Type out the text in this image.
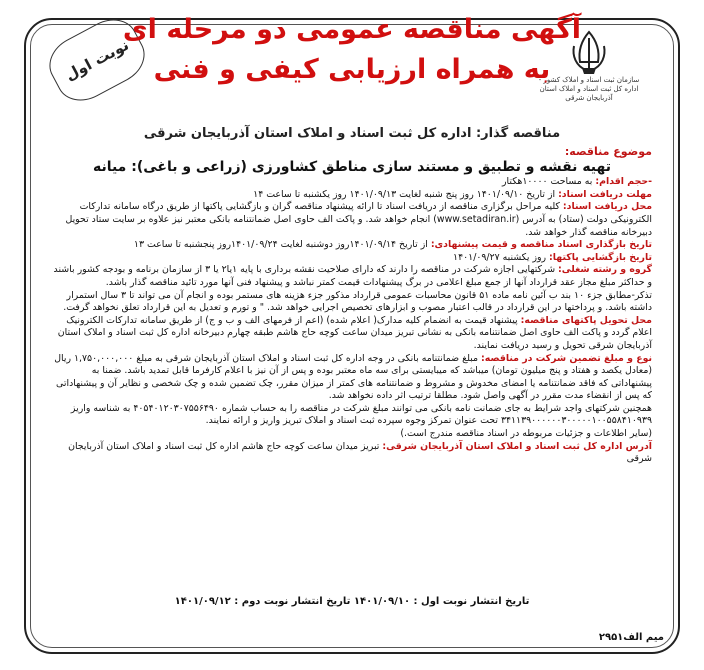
نوبت اول	سازمان ثبت اسناد و املاک کشور - اداره کل ثبت اسناد و املاک استان آذربایجان شرقی
آگهی مناقصه عمومی دو مرحله ای
به همراه ارزیابی کیفی و فنی
مناقصه گذار: اداره کل ثبت اسناد و املاک استان آذربایجان شرقی
موضوع مناقصه:
تهیه نقشه و تطبیق و مستند سازی مناطق کشاورزی (زراعی و باغی): میانه

-حجم اقدام: به مساحت ۱۰۰۰۰هکتار

مهلت دریافت اسناد: از تاریخ ۱۴۰۱/۰۹/۱۰ روز پنج شنبه لغایت ۱۴۰۱/۰۹/۱۳ روز یکشنبه تا ساعت ۱۴

محل دریافت اسناد: کلیه مراحل برگزاری مناقصه از دریافت اسناد تا ارائه پیشنهاد مناقصه گران و بازگشایی پاکتها از طریق درگاه سامانه تدارکات الکترونیکی دولت (ستاد) به آدرس (www.setadiran.ir) انجام خواهد شد. و پاکت الف حاوی اصل ضمانتنامه بانکی معتبر نیز علاوه بر سایت ستاد تحویل دبیرخانه مناقصه گذار خواهد شد.

تاریخ بازگذاری اسناد مناقصه و قیمت پیشنهادی: از تاریخ ۱۴۰۱/۰۹/۱۴روز دوشنبه لغایت ۱۴۰۱/۰۹/۲۴روز پنجشنبه تا ساعت ۱۳

تاریخ بازگشایی پاکتها: روز یکشنبه ۱۴۰۱/۰۹/۲۷

گروه و رشته شغلی: شرکتهایی اجازه شرکت در مناقصه را دارند که دارای صلاحیت نقشه برداری با پایه ۱یا۲ یا ۳ از سازمان برنامه و بودجه کشور باشند و حداکثر مبلغ مجاز عقد قرارداد آنها از جمع مبلغ اعلامی در برگ پیشنهادات قیمت کمتر نباشد و پیشنهاد فنی آنها مورد تائید مناقصه گذار باشد.

تذکر-مطابق جزء ۱۰ بند ب آئین نامه ماده ۵۱ قانون محاسبات عمومی قرارداد مذکور جزء هزینه های مستمر بوده و انجام آن می تواند تا ۳ سال استمرار داشته باشد. و پرداختها در این قرارداد در قالب اعتبار مصوب و ابزارهای تخصیص اجرایی خواهد شد. " و تورم و تعدیل به این قرارداد تعلق نخواهد گرفت.

محل تحویل پاکتهای مناقصه: پیشنهاد قیمت به انضمام کلیه مدارک( اعلام شده) (اعم از فرمهای الف و ب و ج) از طریق سامانه تدارکات الکترونیک اعلام گردد و پاکت الف حاوی اصل ضمانتنامه بانکی به نشانی تبریز میدان ساعت کوچه حاج هاشم طبقه چهارم دبیرخانه اداره کل ثبت اسناد و املاک استان آذربایجان شرقی تحویل و رسید دریافت نمایند.

نوع و مبلغ تضمین شرکت در مناقصه: مبلغ ضمانتنامه بانکی در وجه اداره کل ثبت اسناد و املاک استان آذربایجان شرقی به مبلغ ۱,۷۵۰,۰۰۰,۰۰۰ ریال (معادل یکصد و هفتاد و پنج میلیون تومان) میباشد که میبایستی برای سه ماه معتبر بوده و پس از آن نیز با اعلام کارفرما قابل تمدید باشد. ضمنا به پیشنهاداتی که فاقد ضمانتنامه یا امضای مخدوش و مشروط و ضمانتنامه های کمتر از میزان مقرر، چک تضمین شده و چک شخصی و نظایر آن و پیشنهاداتی که پس از انقضاء مدت مقرر در آگهی واصل شود. مطلقا ترتیب اثر داده نخواهد شد.

همچنین شرکتهای واجد شرایط به جای ضمانت نامه بانکی می توانند مبلغ شرکت در مناقصه را به حساب شماره ۴۰۵۴۰۱۲۰۳۰۷۵۵۶۴۹۰ به شناسه واریز ۳۴۱۱۳۹۰۰۰۰۰۰۳۰۰۰۰۰۱۰۰۵۵۸۴۱۰۹۳۹ تحت عنوان تمرکز وجوه سپرده ثبت اسناد و املاک تبریز واریز و ارائه نمایند.

(سایر اطلاعات و جزئیات مربوطه در اسناد مناقصه مندرج است.)

آدرس اداره کل ثبت اسناد و املاک استان آذربایجان شرقی: تبریز میدان ساعت کوچه حاج هاشم اداره کل ثبت اسناد و املاک استان آذربایجان شرقی

تاریخ انتشار نوبت اول : ۱۴۰۱/۰۹/۱۰ تاریخ انتشار نوبت دوم : ۱۴۰۱/۰۹/۱۲
میم الف۲۹۵۱
